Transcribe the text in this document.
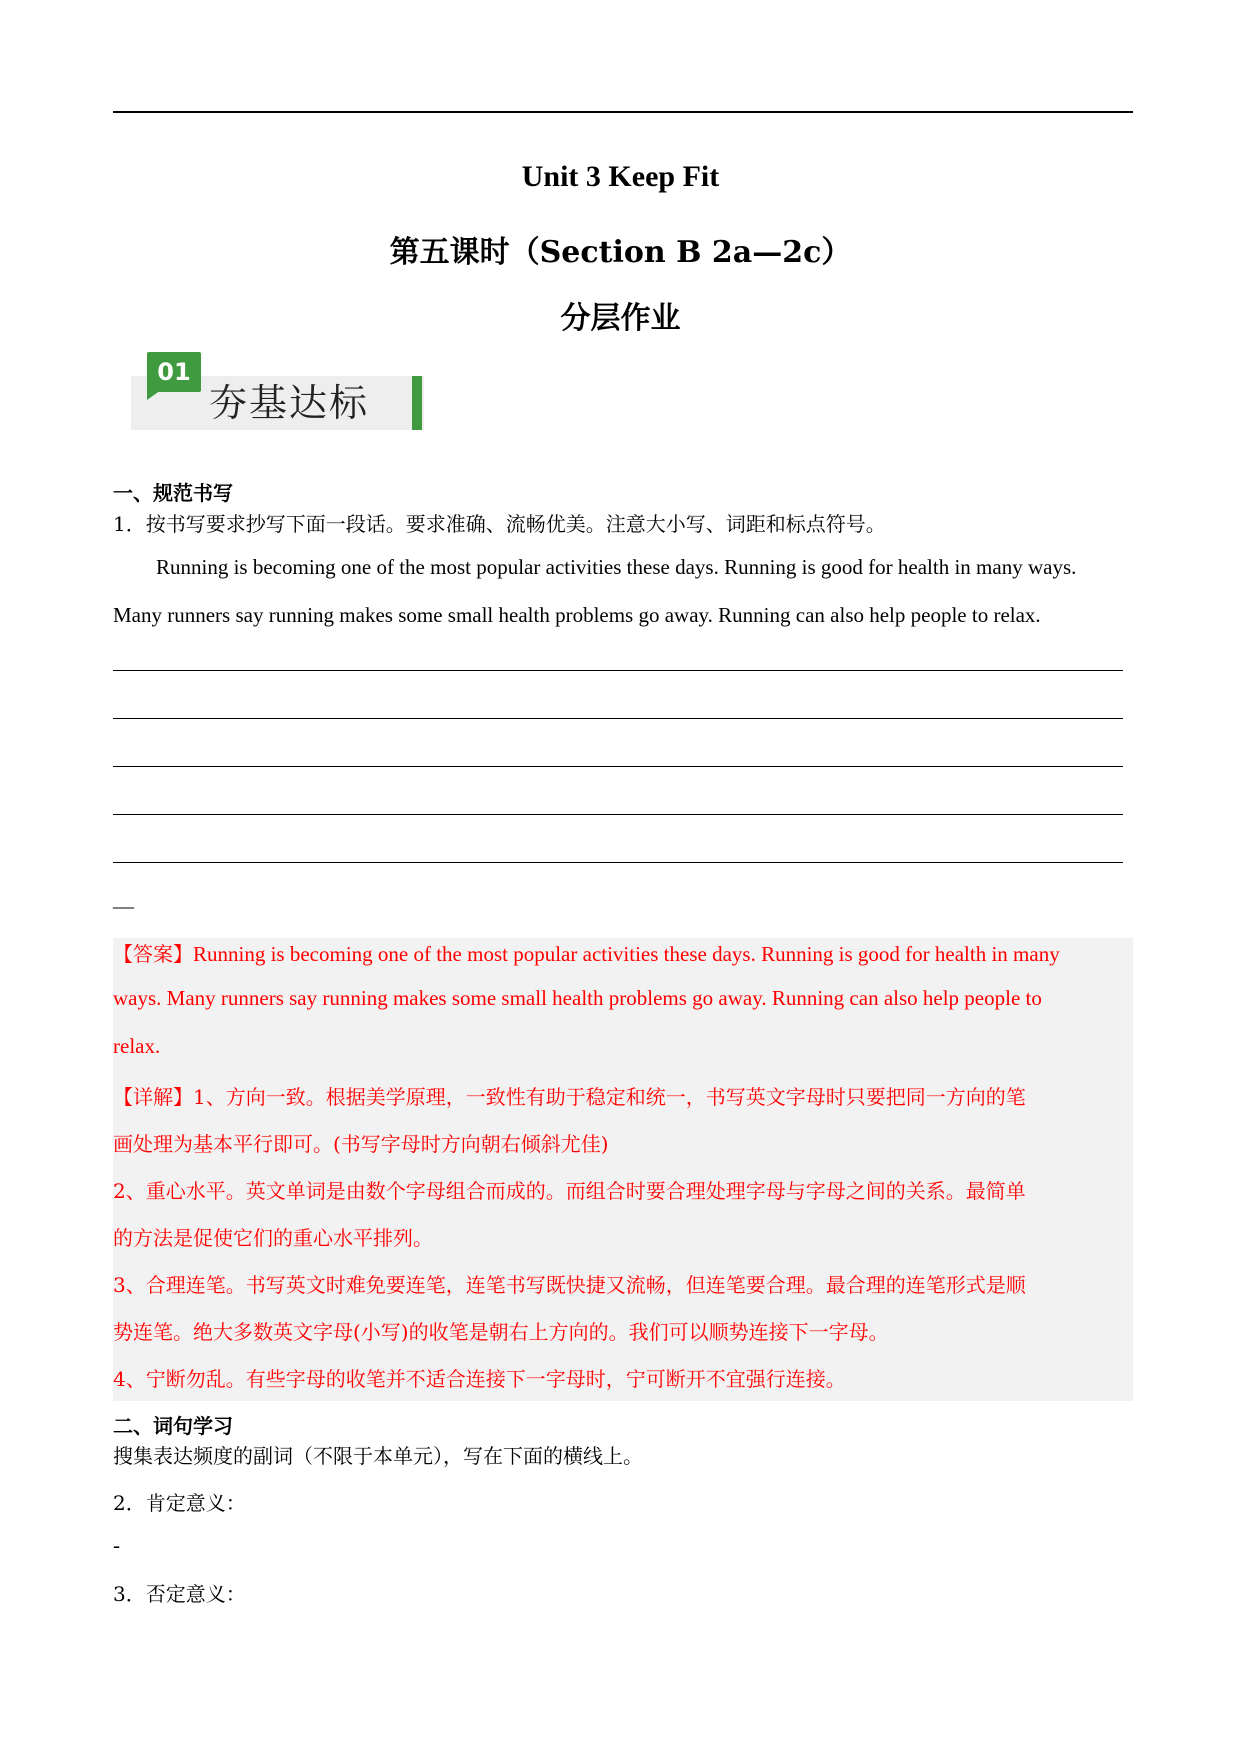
Unit 3 Keep Fit
第五课时（Section B 2a—2c）
分层作业
01
夯基达标
一、规范书写
1．按书写要求抄写下面一段话。要求准确、流畅优美。注意大小写、词距和标点符号。
Running is becoming one of the most popular activities these days. Running is good for health in many ways.
Many runners say running makes some small health problems go away. Running can also help people to relax.
—
【答案】Running is becoming one of the most popular activities these days. Running is good for health in many
ways. Many runners say running makes some small health problems go away. Running can also help people to
relax.
【详解】1、方向一致。根据美学原理，一致性有助于稳定和统一，书写英文字母时只要把同一方向的笔
画处理为基本平行即可。(书写字母时方向朝右倾斜尤佳)
2、重心水平。英文单词是由数个字母组合而成的。而组合时要合理处理字母与字母之间的关系。最简单
的方法是促使它们的重心水平排列。
3、合理连笔。书写英文时难免要连笔，连笔书写既快捷又流畅，但连笔要合理。最合理的连笔形式是顺
势连笔。绝大多数英文字母(小写)的收笔是朝右上方向的。我们可以顺势连接下一字母。
4、宁断勿乱。有些字母的收笔并不适合连接下一字母时，宁可断开不宜强行连接。
二、词句学习
搜集表达频度的副词（不限于本单元），写在下面的横线上。
2．肯定意义：
-
3．否定意义：
